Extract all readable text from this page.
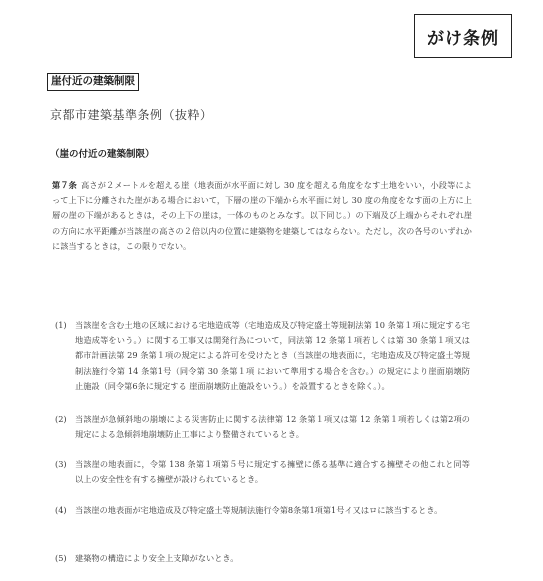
がけ条例
崖付近の建築制限
京都市建築基準条例（抜粋）
（崖の付近の建築制限）
第７条 高さが２メートルを超える崖（地表面が水平面に対し 30 度を超える角度をなす土地をいい，小段等によって上下に分離された崖がある場合において，下層の崖の下端から水平面に対し 30 度の角度をなす面の上方に上層の崖の下端があるときは，その上下の崖は，一体のものとみなす。以下同じ。）の下端及び上端からそれぞれ崖の方向に水平距離が当該崖の高さの２倍以内の位置に建築物を建築してはならない。ただし，次の各号のいずれかに該当するときは，この限りでない。
(1)	当該崖を含む土地の区域における宅地造成等（宅地造成及び特定盛土等規制法第 10 条第１項に規定する宅地造成等をいう。）に関する工事又は開発行為について，同法第 12 条第１項若しくは第 30 条第１項又は都市計画法第 29 条第１項の規定による許可を受けたとき（当該崖の地表面に，宅地造成及び特定盛土等規制法施行令第 14 条第1号（同令第 30 条第１項 において準用する場合を含む。）の規定により崖面崩壊防止施設（同令第6条に規定する 崖面崩壊防止施設をいう。）を設置するときを除く。）。
(2)	当該崖が急傾斜地の崩壊による災害防止に関する法律第 12 条第１項又は第 12 条第１項若しくは第2項の規定による急傾斜地崩壊防止工事により整備されているとき。
(3)	当該崖の地表面に，令第 138 条第１項第５号に規定する擁壁に係る基準に適合する擁壁その他これと同等以上の安全性を有する擁壁が設けられているとき。
(4)	当該崖の地表面が宅地造成及び特定盛土等規制法施行令第8条第1項第1号イ又はロに該当するとき。
(5)	建築物の構造により安全上支障がないとき。
